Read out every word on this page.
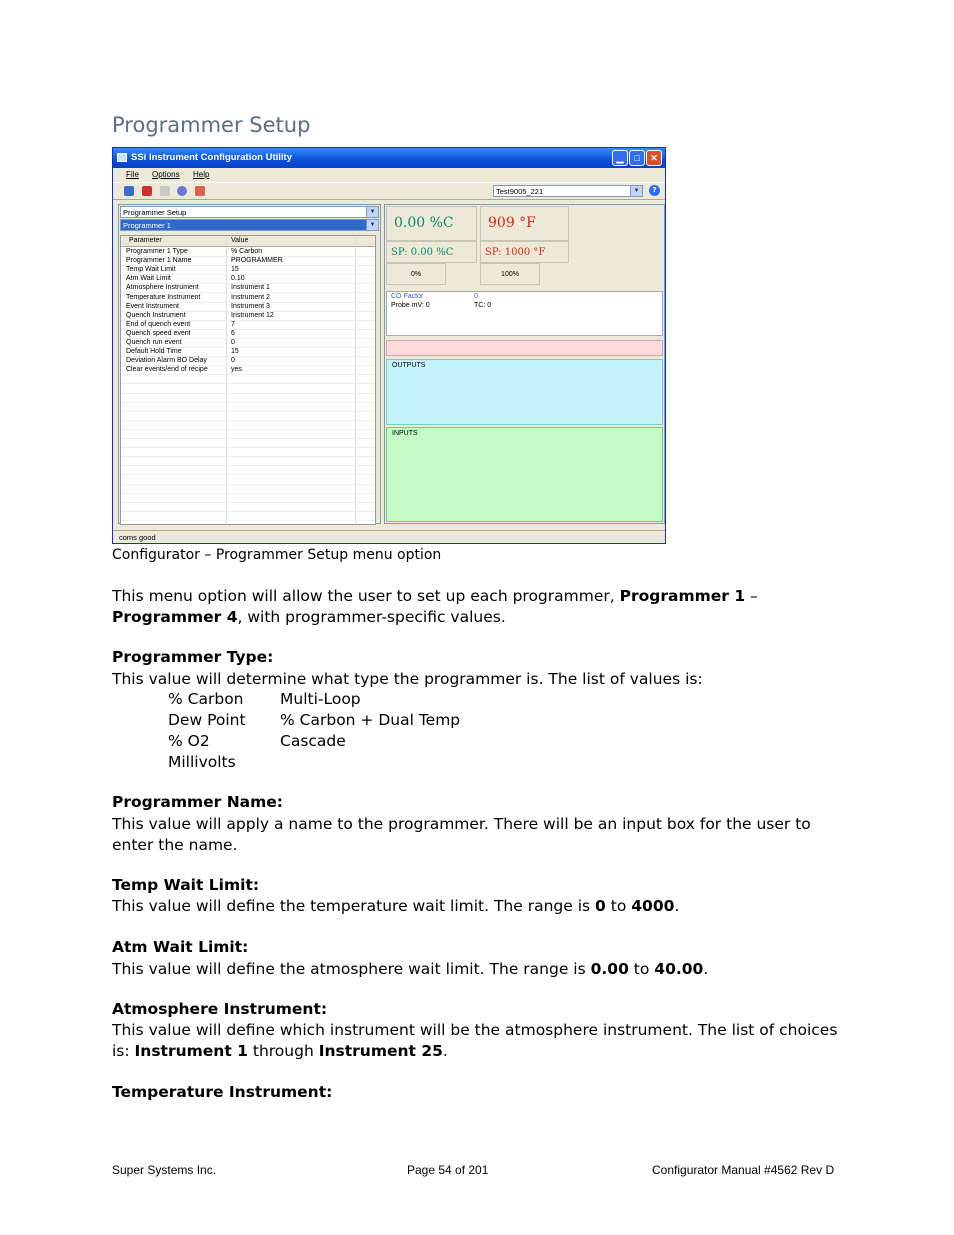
Programmer Setup
SSi Instrument Configuration Utility	▁	□	✕
File Options Help
Test9005_221	▼	?
Programmer Setup	▼
Programmer 1	▼
Parameter	Value
Programmer 1 Type	% Carbon
Programmer 1 Name	PROGRAMMER
Temp Wait Limit	15
Atm Wait Limit	0.10
Atmosphere Instrument	Instrument 1
Temperature Instrument	Instrument 2
Event Instrument	Instrument 3
Quench Instrument	Instrument 12
End of quench event	7
Quench speed event	6
Quench run event	0
Default Hold Time	15
Deviation Alarm BO Delay	0
Clear events/end of recipe	yes
0.00 %C	909 °F
SP: 0.00 %C	SP: 1000 °F
0%	100%
CO Factor	0
Probe mV: 0	TC: 0
OUTPUTS
INPUTS
coms good
Configurator – Programmer Setup menu option
This menu option will allow the user to set up each programmer, Programmer 1 –
Programmer 4, with programmer-specific values.
Programmer Type:
This value will determine what type the programmer is. The list of values is:
% Carbon
Dew Point
% O2
Millivolts
Multi-Loop
% Carbon + Dual Temp
Cascade
Programmer Name:
This value will apply a name to the programmer. There will be an input box for the user to
enter the name.
Temp Wait Limit:
This value will define the temperature wait limit. The range is 0 to 4000.
Atm Wait Limit:
This value will define the atmosphere wait limit. The range is 0.00 to 40.00.
Atmosphere Instrument:
This value will define which instrument will be the atmosphere instrument. The list of choices
is: Instrument 1 through Instrument 25.
Temperature Instrument:
Super Systems Inc.	Page 54 of 201	Configurator Manual #4562 Rev D
